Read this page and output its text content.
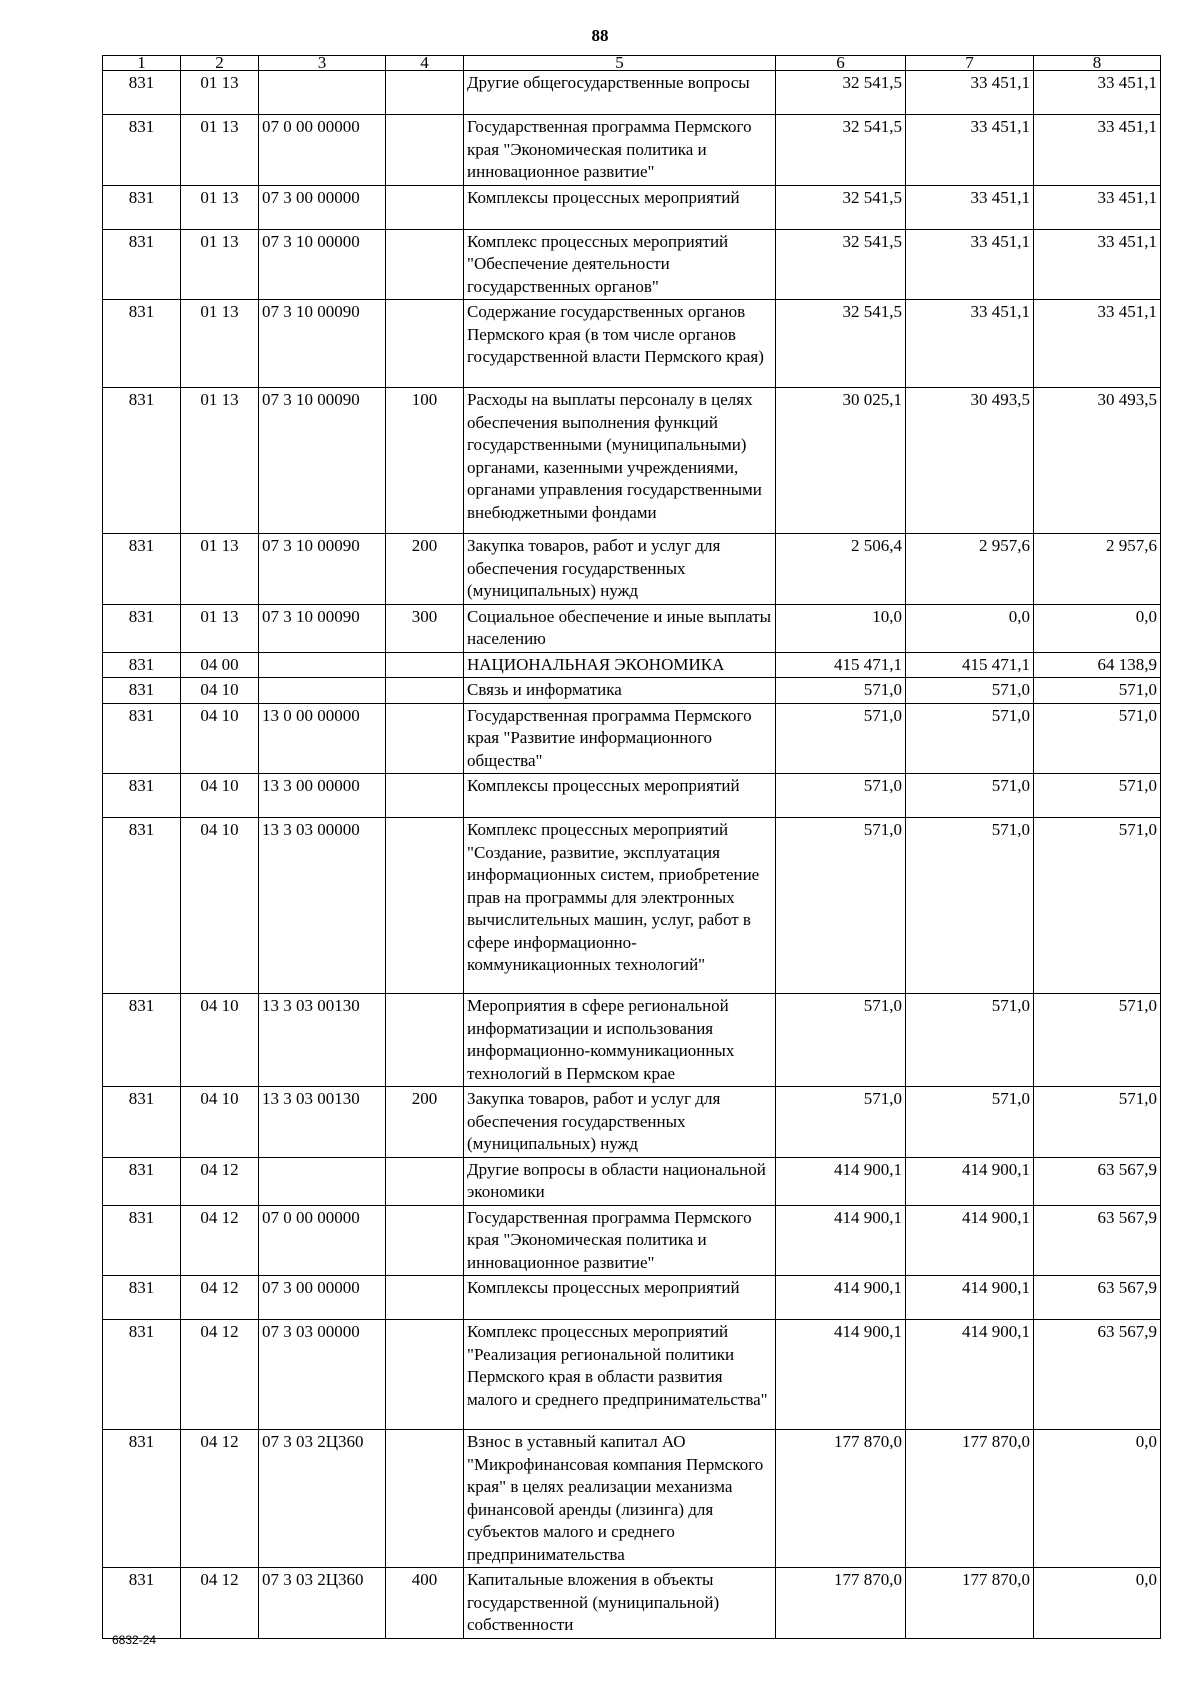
88
1	2	3	4	5	6	7	8
831	01 13			Другие общегосударственные вопросы	32 541,5	33 451,1	33 451,1
831	01 13	07 0 00 00000		Государственная программа Пермского края "Экономическая политика и инновационное развитие"	32 541,5	33 451,1	33 451,1
831	01 13	07 3 00 00000		Комплексы процессных мероприятий	32 541,5	33 451,1	33 451,1
831	01 13	07 3 10 00000		Комплекс процессных мероприятий "Обеспечение деятельности государственных органов"	32 541,5	33 451,1	33 451,1
831	01 13	07 3 10 00090		Содержание государственных органов Пермского края (в том числе органов государственной власти Пермского края)	32 541,5	33 451,1	33 451,1
831	01 13	07 3 10 00090	100	Расходы на выплаты персоналу в целях обеспечения выполнения функций государственными (муниципальными) органами, казенными учреждениями, органами управления государственными внебюджетными фондами	30 025,1	30 493,5	30 493,5
831	01 13	07 3 10 00090	200	Закупка товаров, работ и услуг для обеспечения государственных (муниципальных) нужд	2 506,4	2 957,6	2 957,6
831	01 13	07 3 10 00090	300	Социальное обеспечение и иные выплаты населению	10,0	0,0	0,0
831	04 00			НАЦИОНАЛЬНАЯ ЭКОНОМИКА	415 471,1	415 471,1	64 138,9
831	04 10			Связь и информатика	571,0	571,0	571,0
831	04 10	13 0 00 00000		Государственная программа Пермского края "Развитие информационного общества"	571,0	571,0	571,0
831	04 10	13 3 00 00000		Комплексы процессных мероприятий	571,0	571,0	571,0
831	04 10	13 3 03 00000		Комплекс процессных мероприятий "Создание, развитие, эксплуатация информационных систем, приобретение прав на программы для электронных вычислительных машин, услуг, работ в сфере информационно-коммуникационных технологий"	571,0	571,0	571,0
831	04 10	13 3 03 00130		Мероприятия в сфере региональной информатизации и использования информационно-коммуникационных технологий в Пермском крае	571,0	571,0	571,0
831	04 10	13 3 03 00130	200	Закупка товаров, работ и услуг для обеспечения государственных (муниципальных) нужд	571,0	571,0	571,0
831	04 12			Другие вопросы в области национальной экономики	414 900,1	414 900,1	63 567,9
831	04 12	07 0 00 00000		Государственная программа Пермского края "Экономическая политика и инновационное развитие"	414 900,1	414 900,1	63 567,9
831	04 12	07 3 00 00000		Комплексы процессных мероприятий	414 900,1	414 900,1	63 567,9
831	04 12	07 3 03 00000		Комплекс процессных мероприятий "Реализация региональной политики Пермского края в области развития малого и среднего предпринимательства"	414 900,1	414 900,1	63 567,9
831	04 12	07 3 03 2Ц360		Взнос в уставный капитал АО "Микрофинансовая компания Пермского края" в целях реализации механизма финансовой аренды (лизинга) для субъектов малого и среднего предпринимательства	177 870,0	177 870,0	0,0
831	04 12	07 3 03 2Ц360	400	Капитальные вложения в объекты государственной (муниципальной) собственности	177 870,0	177 870,0	0,0
6832-24
